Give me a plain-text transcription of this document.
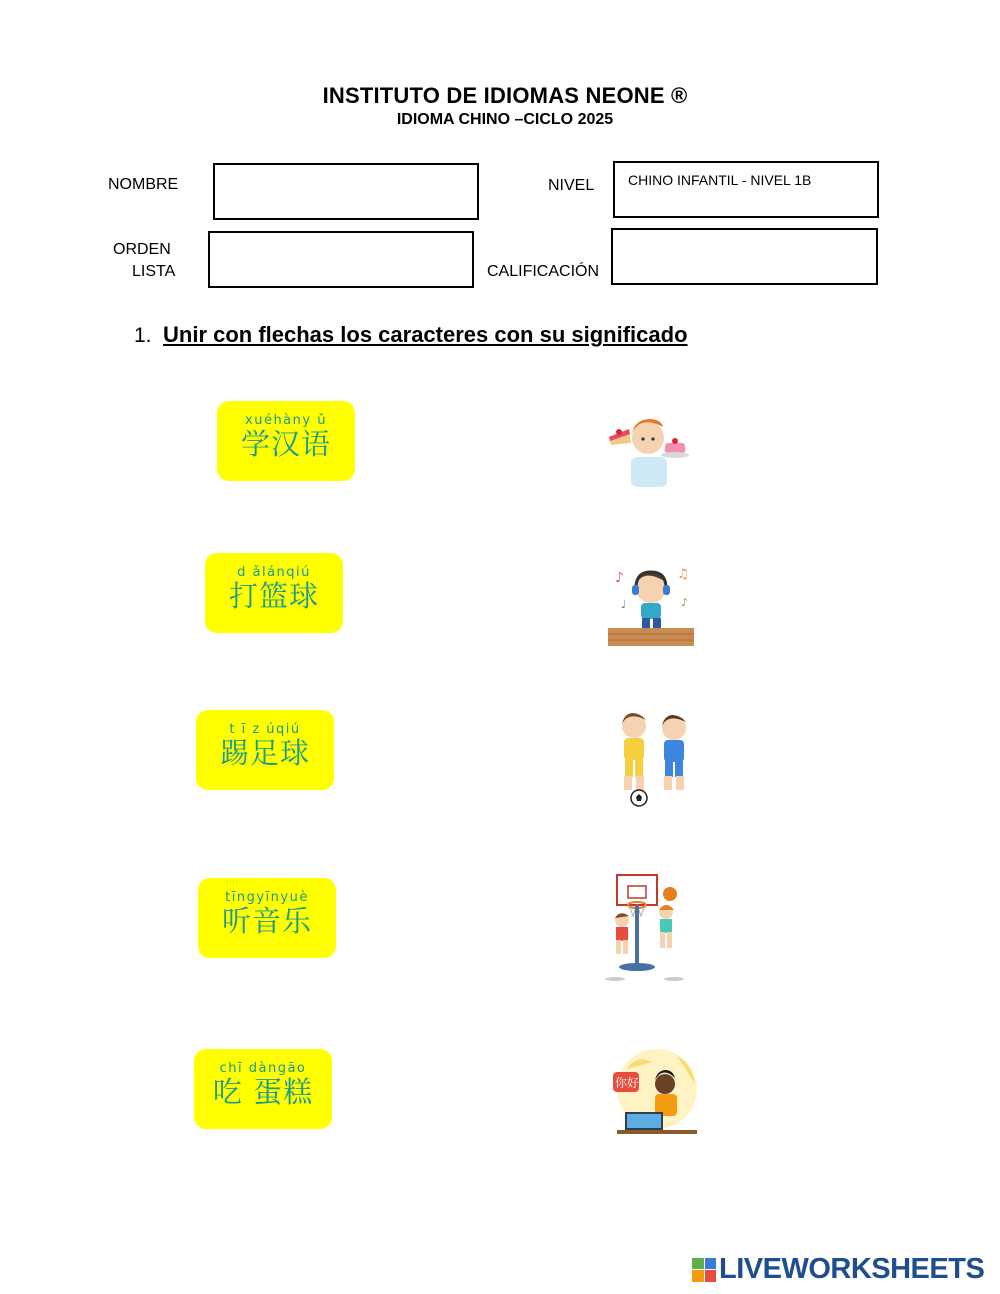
INSTITUTO DE IDIOMAS NEONE ®
IDIOMA CHINO –CICLO 2025
NOMBRE	NIVEL	CHINO INFANTIL - NIVEL 1B
ORDEN
LISTA	CALIFICACIÓN
1. Unir con flechas los caracteres con su significado
xuéhàny ǔ
学汉语
d ǎlánqiú
打篮球
t ī z úqiú
踢足球
tīngyīnyuè
听音乐
chī dàngāo
吃 蛋糕
♪	♫
♩	♪
你好
LIVEWORKSHEETS
